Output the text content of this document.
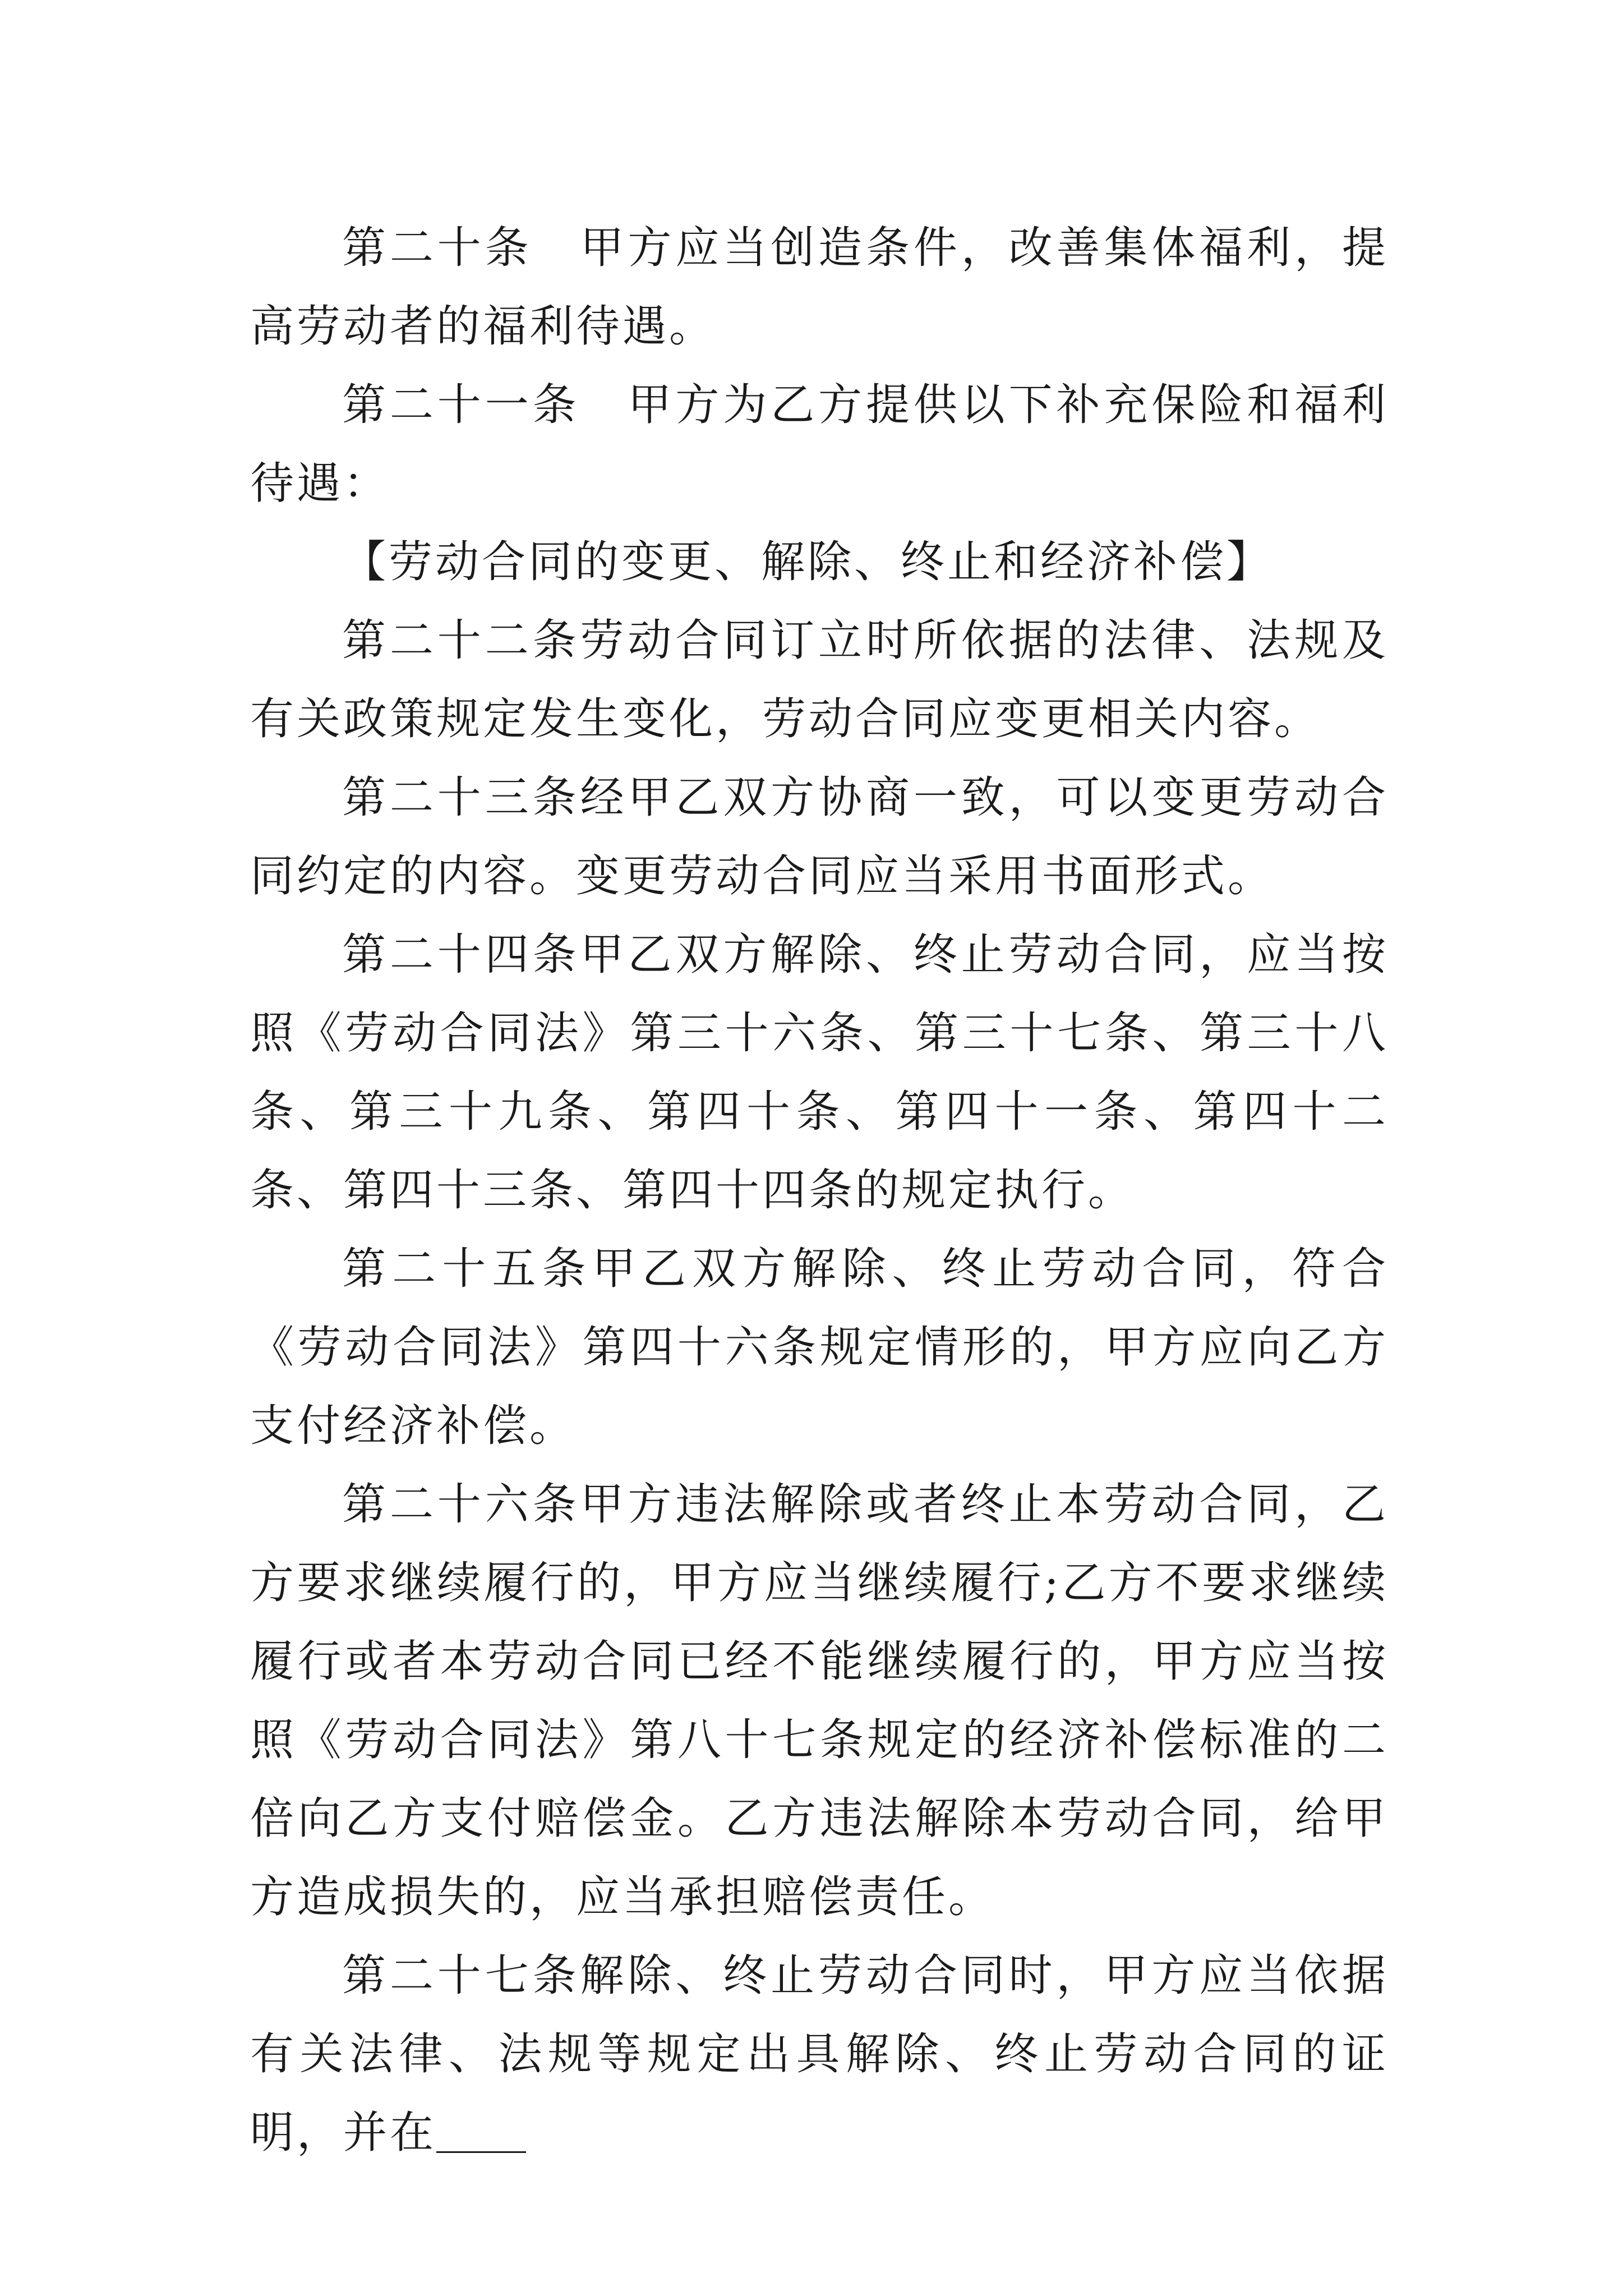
第二十条　甲方应当创造条件，改善集体福利，提高劳动者的福利待遇。

第二十一条　甲方为乙方提供以下补充保险和福利待遇：

【劳动合同的变更、解除、终止和经济补偿】

第二十二条劳动合同订立时所依据的法律、法规及有关政策规定发生变化，劳动合同应变更相关内容。

第二十三条经甲乙双方协商一致，可以变更劳动合同约定的内容。变更劳动合同应当采用书面形式。

第二十四条甲乙双方解除、终止劳动合同，应当按照《劳动合同法》第三十六条、第三十七条、第三十八条、第三十九条、第四十条、第四十一条、第四十二条、第四十三条、第四十四条的规定执行。

第二十五条甲乙双方解除、终止劳动合同，符合《劳动合同法》第四十六条规定情形的，甲方应向乙方支付经济补偿。

第二十六条甲方违法解除或者终止本劳动合同，乙方要求继续履行的，甲方应当继续履行;乙方不要求继续履行或者本劳动合同已经不能继续履行的，甲方应当按照《劳动合同法》第八十七条规定的经济补偿标准的二倍向乙方支付赔偿金。乙方违法解除本劳动合同，给甲方造成损失的，应当承担赔偿责任。

第二十七条解除、终止劳动合同时，甲方应当依据有关法律、法规等规定出具解除、终止劳动合同的证明，并在
